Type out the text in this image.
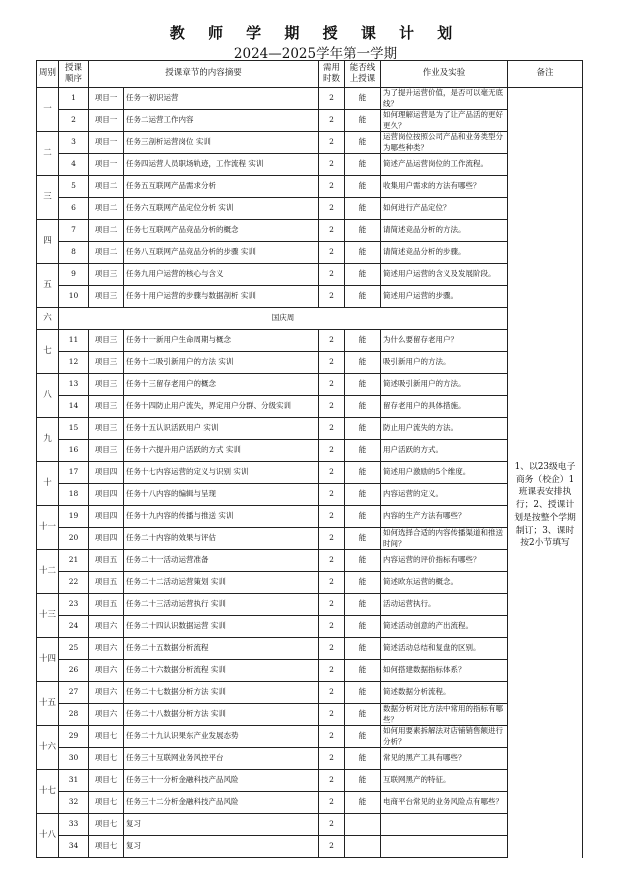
教 师 学 期 授 课 计 划
2024—2025学年第一学期
周别	授课顺序	授课章节的内容摘要		需用时数	能否线上授课	作业及实验	备注	
一	1	项目一	任务一初识运营	2	能	为了提升运营价值，是否可以毫无底线？		
	2	项目一	任务二运营工作内容	2	能	如何理解运营是为了让产品活的更好更久？		
二	3	项目一	任务三剖析运营岗位 实训	2	能	运营岗位按照公司产品和业务类型分为哪些种类？		
	4	项目一	任务四运营人员职场轨迹，工作流程 实训	2	能	简述产品运营岗位的工作流程。		
三	5	项目二	任务五互联网产品需求分析	2	能	收集用户需求的方法有哪些？		
	6	项目二	任务六互联网产品定位分析 实训	2	能	如何进行产品定位？		
四	7	项目二	任务七互联网产品竞品分析的概念	2	能	请简述竞品分析的方法。		
	8	项目二	任务八互联网产品竞品分析的步骤 实训	2	能	请简述竞品分析的步骤。	1、以23级电子商务（校企）1班课表安排执行；2、授课计划是按整个学期制订；3、课时按2小节填写	
五	9	项目三	任务九用户运营的核心与含义	2	能	简述用户运营的含义及发展阶段。		
	10	项目三	任务十用户运营的步骤与数据剖析 实训	2	能	简述用户运营的步骤。		
六	国庆周							
七	11	项目三	任务十一新用户生命周期与概念	2	能	为什么要留存老用户？		
	12	项目三	任务十二吸引新用户的方法 实训	2	能	吸引新用户的方法。		
八	13	项目三	任务十三留存老用户的概念	2	能	简述吸引新用户的方法。		
	14	项目三	任务十四防止用户流失，界定用户分群、分级实训	2	能	留存老用户的具体措施。		
九	15	项目三	任务十五认识活跃用户 实训	2	能	防止用户流失的方法。		
	16	项目三	任务十六提升用户活跃的方式 实训	2	能	用户活跃的方式。		
十	17	项目四	任务十七内容运营的定义与识别 实训	2	能	简述用户激励的5个维度。		
	18	项目四	任务十八内容的编辑与呈现	2	能	内容运营的定义。		
十一	19	项目四	任务十九内容的传播与推送 实训	2	能	内容的生产方法有哪些？		
	20	项目四	任务二十内容的效果与评估	2	能	如何选择合适的内容传播渠道和推送时间？		
十二	21	项目五	任务二十一活动运营准备	2	能	内容运营的评价指标有哪些？		
	22	项目五	任务二十二活动运营策划 实训	2	能	简述欧东运营的概念。		
十三	23	项目五	任务二十三活动运营执行 实训	2	能	活动运营执行。		
	24	项目六	任务二十四认识数据运营 实训	2	能	简述活动创意的产出流程。		
十四	25	项目六	任务二十五数据分析流程	2	能	简述活动总结和复盘的区别。		
	26	项目六	任务二十六数据分析流程 实训	2	能	如何搭建数据指标体系？		
十五	27	项目六	任务二十七数据分析方法 实训	2	能	简述数据分析流程。		
	28	项目六	任务二十八数据分析方法 实训	2	能	数据分析对比方法中常用的指标有哪些？		
十六	29	项目七	任务二十九认识果东产业发展态势	2	能	如何用要素拆解法对店铺销售额进行分析？		
	30	项目七	任务三十互联网业务风控平台	2	能	常见的黑产工具有哪些？		
十七	31	项目七	任务三十一分析金融科技产品风险	2	能	互联网黑产的特征。		
	32	项目七	任务三十二分析金融科技产品风险	2	能	电商平台常见的业务风险点有哪些？		
十八	33	项目七	复习	2				
	34	项目七	复习	2				
